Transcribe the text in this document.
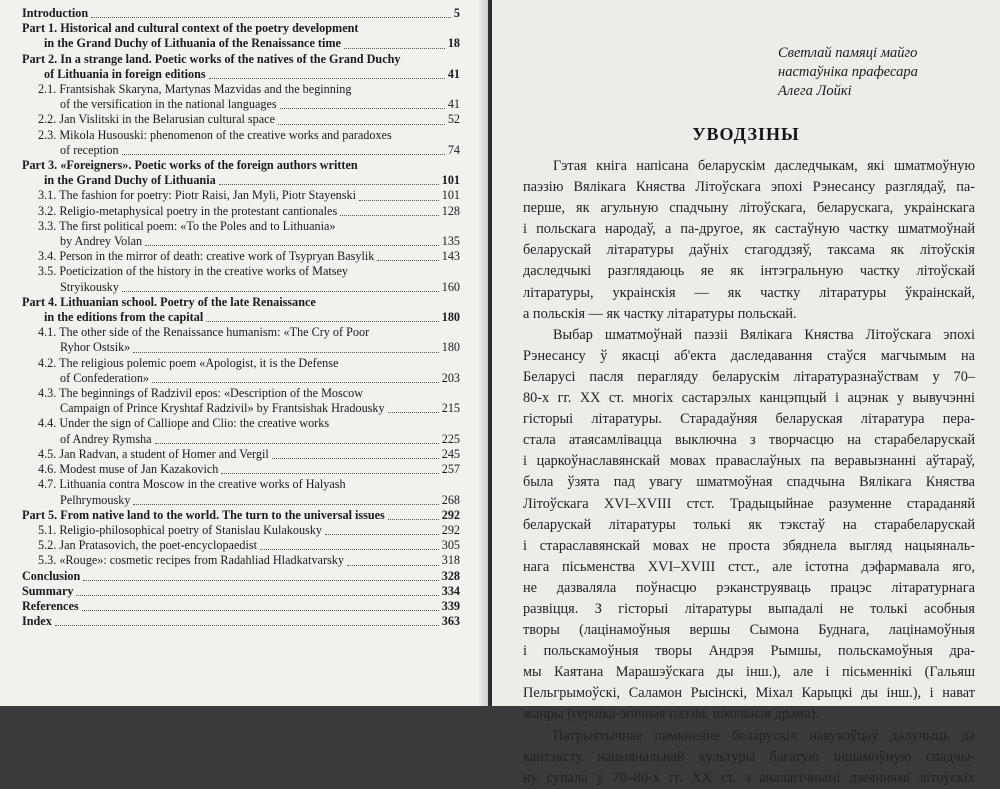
Introduction	5
Part 1. Historical and cultural context of the poetry development
in the Grand Duchy of Lithuania of the Renaissance time	18
Part 2. In a strange land. Poetic works of the natives of the Grand Duchy
of Lithuania in foreign editions	41
2.1. Frantsishak Skaryna, Martynas Mazvidas and the beginning
of the versification in the national languages	41
2.2. Jan Vislitski in the Belarusian cultural space	52
2.3. Mikola Husouski: phenomenon of the creative works and paradoxes
of reception	74
Part 3. «Foreigners». Poetic works of the foreign authors written
in the Grand Duchy of Lithuania	101
3.1. The fashion for poetry: Piotr Raisi, Jan Myli, Piotr Stayenski	101
3.2. Religio-metaphysical poetry in the protestant cantionales	128
3.3. The first political poem: «To the Poles and to Lithuania»
by Andrey Volan	135
3.4. Person in the mirror of death: creative work of Tsypryan Basylik	143
3.5. Poeticization of the history in the creative works of Matsey
Stryikousky	160
Part 4. Lithuanian school. Poetry of the late Renaissance
in the editions from the capital	180
4.1. The other side of the Renaissance humanism: «The Cry of Poor
Ryhor Ostsik»	180
4.2. The religious polemic poem «Apologist, it is the Defense
of Confederation»	203
4.3. The beginnings of Radzivil epos: «Description of the Moscow
Campaign of Prince Kryshtaf Radzivil» by Frantsishak Hradousky	215
4.4. Under the sign of Calliope and Clio: the creative works
of Andrey Rymsha	225
4.5. Jan Radvan, a student of Homer and Vergil	245
4.6. Modest muse of Jan Kazakovich	257
4.7. Lithuania contra Moscow in the creative works of Halyash
Pelhrymousky	268
Part 5. From native land to the world. The turn to the universal issues	292
5.1. Religio-philosophical poetry of Stanislau Kulakousky	292
5.2. Jan Pratasovich, the poet-encyclopaedist	305
5.3. «Rouge»: cosmetic recipes from Radahliad Hladkatvarsky	318
Conclusion	328
Summary	334
References	339
Index	363
Светлай памяці майго
настаўніка прафесара
Алега Лойкі
УВОДЗІНЫ
Гэтая кніга напісана беларускім даследчыкам, які шматмоўную
паэзію Вялікага Княства Літоўскага эпохі Рэнесансу разглядаў, па-
перше, як агульную спадчыну літоўскага, беларускага, украінскага
і польскага народаў, а па-другое, як састаўную частку шматмоўнай
беларускай літаратуры даўніх стагоддзяў, таксама як літоўскія
даследчыкі разглядаюць яе як інтэгральную частку літоўскай
літаратуры, украінскія — як частку літаратуры ўкраінскай,
а польскія — як частку літаратуры польскай.
Выбар шматмоўнай паэзіі Вялікага Княства Літоўскага эпохі
Рэнесансу ў якасці аб'екта даследавання стаўся магчымым на
Беларусі пасля перагляду беларускім літаратуразнаўствам у 70–
80-х гг. ХХ ст. многіх састарэлых канцэпцый і ацэнак у вывучэнні
гісторыі літаратуры. Старадаўняя беларуская літаратура пера-
стала атаясамлівацца выключна з творчасцю на старабеларускай
і царкоўнаславянскай мовах праваслаўных па веравызнанні аўтараў,
была ўзята пад увагу шматмоўная спадчына Вялікага Княства
Літоўскага XVI–XVIII стст. Традыцыйнае разуменне стараданяй
беларускай літаратуры толькі як тэкстаў на старабеларускай
і стараславянскай мовах не проста збяднела выгляд нацыяналь-
нага пісьменства XVI–XVIII стст., але істотна дэфармавала яго,
не дазваляла поўнасцю рэканструяваць працэс літаратурнага
развіцця. З гісторыі літаратуры выпадалі не толькі асобныя
творы (лацінамоўныя вершы Сымона Буднага, лацінамоўныя
і польскамоўныя творы Андрэя Рымшы, польскамоўныя дра-
мы Каятана Марашэўскага ды інш.), але і пісьменнікі (Гальяш
Пельгрымоўскі, Саламон Рысінскі, Міхал Карыцкі ды інш.), і нават
жанры (героіка-эпічная паэзія, школьная драма).
Патрыятычнае памкненне беларускіх навукоўцаў далучыць да
кантэксту нацыянальнай культуры багатую іншамоўную спадчы-
ну супала у 70–80-х гг. ХХ ст. з аналагічнымі дзеяннямі літоўскіх
